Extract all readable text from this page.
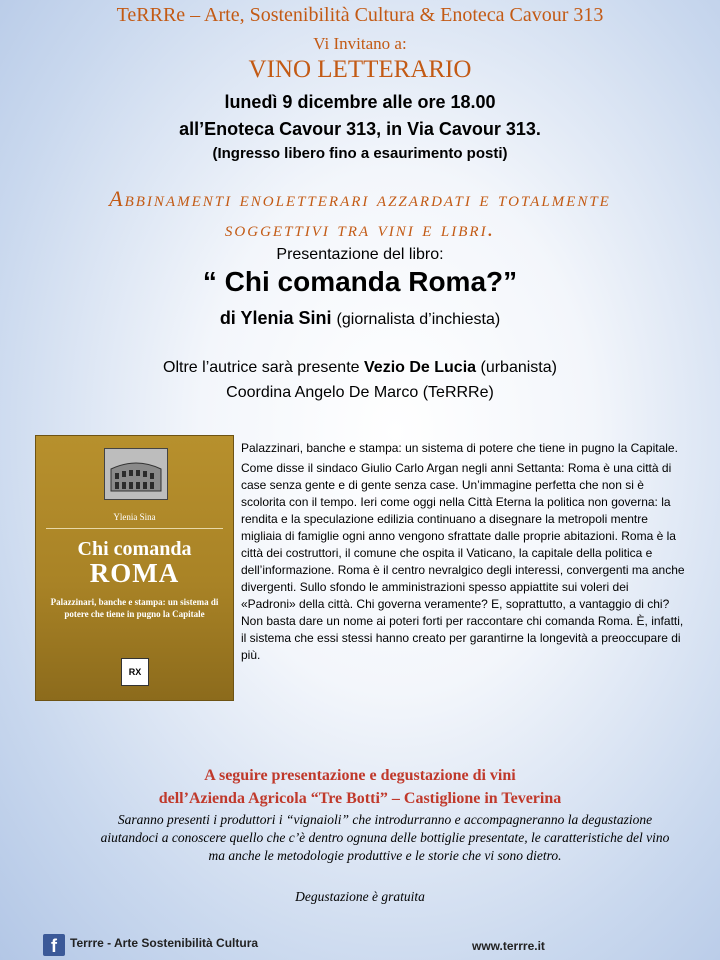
TeRRRe – Arte, Sostenibilità Cultura & Enoteca Cavour 313
Vi Invitano a:
VINO LETTERARIO
lunedì 9 dicembre alle ore 18.00
all’Enoteca Cavour 313, in Via Cavour 313.
(Ingresso libero fino a esaurimento posti)
Abbinamenti enoletterari azzardati e totalmente
soggettivi tra vini e libri.
Presentazione del libro:
“ Chi comanda Roma?”
di Ylenia Sini (giornalista d’inchiesta)
Oltre l’autrice sarà presente Vezio De Lucia (urbanista)
Coordina Angelo De Marco (TeRRRe)
Ylenia Sina
Chi comanda
ROMA
Palazzinari, banche e stampa: un sistema di potere che tiene in pugno la Capitale
RX

Palazzinari, banche e stampa: un sistema di potere che tiene in pugno la Capitale.

Come disse il sindaco Giulio Carlo Argan negli anni Settanta: Roma è una città di case senza gente e di gente senza case. Un’immagine perfetta che non si è scolorita con il tempo. Ieri come oggi nella Città Eterna la politica non governa: la rendita e la speculazione edilizia continuano a disegnare la metropoli mentre migliaia di famiglie ogni anno vengono sfrattate dalle proprie abitazioni. Roma è la città dei costruttori, il comune che ospita il Vaticano, la capitale della politica e dell’informazione. Roma è il centro nevralgico degli interessi, convergenti ma anche divergenti. Sullo sfondo le amministrazioni spesso appiattite sui voleri dei «Padroni» della città. Chi governa veramente? E, soprattutto, a vantaggio di chi? Non basta dare un nome ai poteri forti per raccontare chi comanda Roma. È, infatti, il sistema che essi stessi hanno creato per garantirne la longevità a preoccupare di più.

A seguire presentazione e degustazione di vini
dell’Azienda Agricola “Tre Botti” – Castiglione in Teverina
Saranno presenti i produttori i “vignaioli” che introdurranno e accompagneranno la degustazione aiutandoci a conoscere quello che c’è dentro ognuna delle bottiglie presentate, le caratteristiche del vino ma anche le metodologie produttive e le storie che vi sono dietro.
Degustazione è gratuita
f	Terrre - Arte Sostenibilità Cultura	www.terrre.it
